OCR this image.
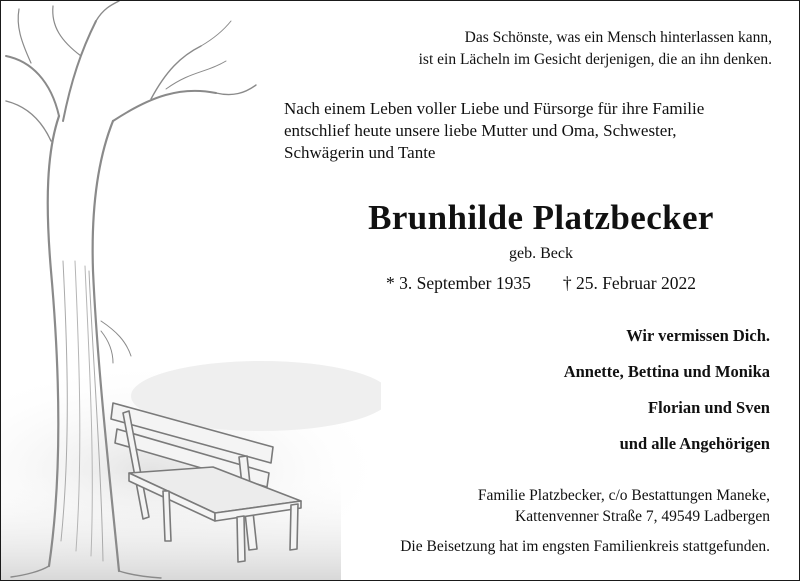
Das Schönste, was ein Mensch hinterlassen kann,
ist ein Lächeln im Gesicht derjenigen, die an ihn denken.
Nach einem Leben voller Liebe und Fürsorge für ihre Familie
entschlief heute unsere liebe Mutter und Oma, Schwester,
Schwägerin und Tante
Brunhilde Platzbecker
geb. Beck
* 3. September 1935 † 25. Februar 2022
Wir vermissen Dich.
Annette, Bettina und Monika
Florian und Sven
und alle Angehörigen
Familie Platzbecker, c/o Bestattungen Maneke,
Kattenvenner Straße 7, 49549 Ladbergen
Die Beisetzung hat im engsten Familienkreis stattgefunden.
